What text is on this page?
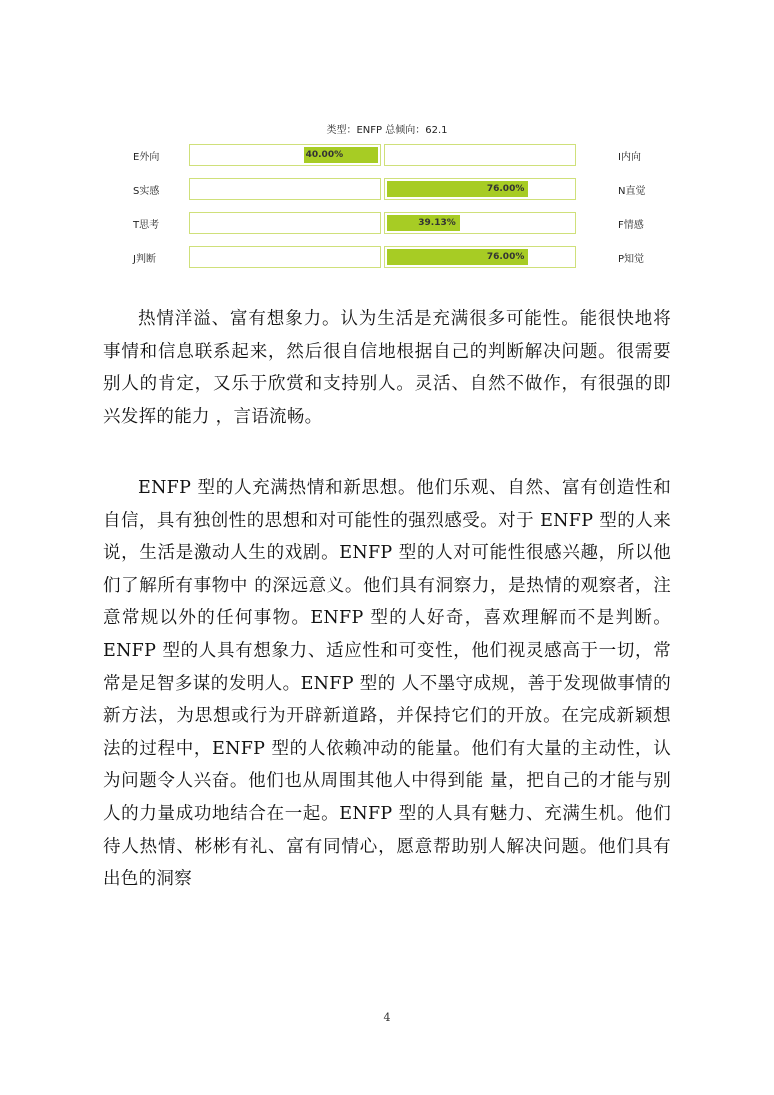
类型：ENFP 总倾向：62.1
E外向	40.00%	I内向
S实感	76.00%	N直觉
T思考	39.13%	F情感
J判断	76.00%	P知觉

热情洋溢、富有想象力。认为生活是充满很多可能性。能很快地将事情和信息联系起来，然后很自信地根据自己的判断解决问题。很需要别人的肯定，又乐于欣赏和支持别人。灵活、自然不做作，有很强的即兴发挥的能力 ，言语流畅。

ENFP 型的人充满热情和新思想。他们乐观、自然、富有创造性和自信，具有独创性的思想和对可能性的强烈感受。对于 ENFP 型的人来说，生活是激动人生的戏剧。ENFP 型的人对可能性很感兴趣，所以他们了解所有事物中 的深远意义。他们具有洞察力，是热情的观察者，注意常规以外的任何事物。ENFP 型的人好奇，喜欢理解而不是判断。ENFP 型的人具有想象力、适应性和可变性，他们视灵感高于一切，常常是足智多谋的发明人。ENFP 型的 人不墨守成规，善于发现做事情的新方法，为思想或行为开辟新道路，并保持它们的开放。在完成新颖想法的过程中，ENFP 型的人依赖冲动的能量。他们有大量的主动性，认为问题令人兴奋。他们也从周围其他人中得到能 量，把自己的才能与别人的力量成功地结合在一起。ENFP 型的人具有魅力、充满生机。他们待人热情、彬彬有礼、富有同情心，愿意帮助别人解决问题。他们具有出色的洞察

4
